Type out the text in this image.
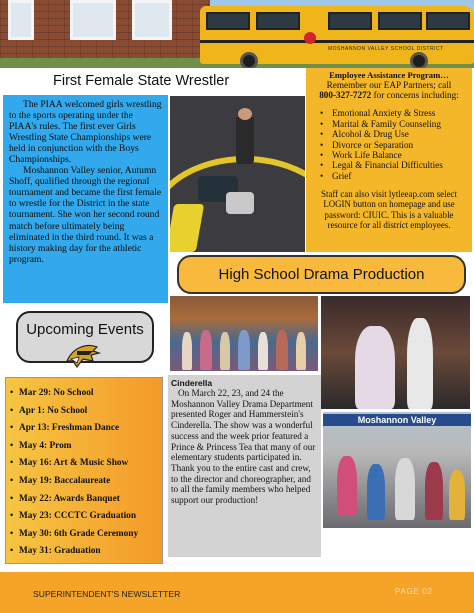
MOSHANNON VALLEY SCHOOL DISTRICT
First Female State Wrestler

The PIAA welcomed girls wrestling to the sports operating under the PIAA's rules. The first ever Girls Wrestling State Championships were held in conjunction with the Boys Championships.

Moshannon Valley senior, Autumn Shoff, qualified through the regional tournament and became the first female to wrestle for the District in the state tournament. She won her second round match before ultimately being eliminated in the third round. It was a history making day for the athletic program.

Employee Assistance Program…
Remember our EAP Partners; call
800-327-7272 for concerns including:
• Emotional Anxiety & Stress
• Marital & Family Counseling
• Alcohol & Drug Use
• Divorce or Separation
• Work Life Balance
• Legal & Financial Difficulties
• Grief
Staff can also visit lytleeap.com select LOGIN button on homepage and use password: CIUIC. This is a valuable resource for all district employees.
High School Drama Production
Moshannon Valley
Upcoming Events
• Mar 29: No School
• Apr 1: No School
• Apr 13: Freshman Dance
• May 4: Prom
• May 16: Art & Music Show
• May 19: Baccalaureate
• May 22: Awards Banquet
• May 23: CCCTC Graduation
• May 30: 6th Grade Ceremony
• May 31: Graduation
Cinderella

On March 22, 23, and 24 the Moshannon Valley Drama Department presented Roger and Hammerstein's Cinderella. The show was a wonderful success and the week prior featured a Prince & Princess Tea that many of our elementary students participated in. Thank you to the entire cast and crew, to the director and choreographer, and to all the family members who helped support our production!

SUPERINTENDENT'S NEWSLETTER	PAGE 02
